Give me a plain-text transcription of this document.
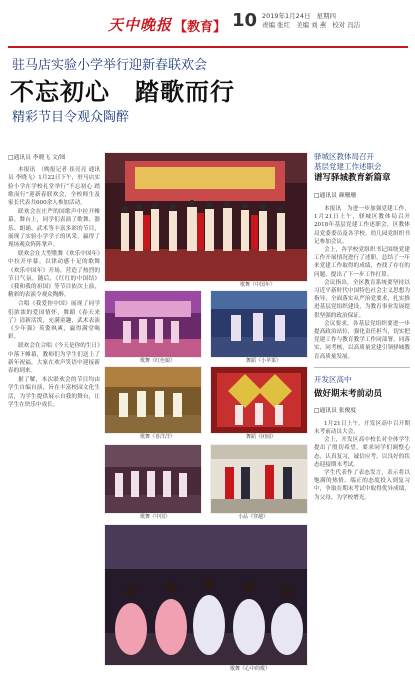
天中晚报 【教育】 10 2019年1月24日 星期四
责编 张红 美编 刘 燕 校对 冯洁
驻马店实验小学举行迎新春联欢会
不忘初心　踏歌而行
精彩节目令观众陶醉
□通讯员 李晓飞 文/图

本报讯　（晚报记者 崔亮亮 通讯员 李晓飞）1月22日下午，驻马店实验小学在学校礼堂举行“不忘初心 踏歌而行”迎新春联欢会，全校师生及家长代表共600余人参加活动。

联欢会在庄严的国歌声中拉开帷幕。舞台上，同学们表演了歌舞、器乐、朗诵、武术等丰富多彩的节目，展现了实验小学学子的风采，赢得了现场观众阵阵掌声。

联欢会在大型歌舞《欢乐中国年》中拉开序幕。以律动感十足的歌舞《欢乐中国年》开场，营造了热烈的节日气氛。随后，《红红的中国结》《我和我的祖国》等节目依次上演，精彩的表演令观众陶醉。

合唱《我爱你中国》展现了同学们浓浓的爱国情怀，舞蹈《春天来了》清新活泼，充满童趣，武术表演《少年强》英姿飒爽，赢得满堂喝彩。

联欢会在合唱《今天是你的生日》中落下帷幕，教师们为学生们送上了新年祝福，大家在欢声笑语中迎接新春的到来。

据了解，本次联欢会的节目均由学生自编自演，旨在丰富校园文化生活，为学生提供展示自我的舞台，让学生在快乐中成长。

歌舞《中国年》
歌舞《红色娘》	舞蹈《小苹果》
歌舞《喜洋洋》	舞蹈《团圆》
歌舞《中国》	小品《穿越》
歌舞《心中的歌》
驿城区教体局召开
基层党建工作述职会
谱写驿城教育新篇章
□通讯员 颜珊珊

本报讯　为进一步加强党建工作，1月21日上午，驿城区教体局召开2018年基层党建工作述职会，区教体局党委委员及各学校、幼儿园党组织书记参加会议。

会上，各学校党组织书记围绕党建工作开展情况进行了述职，总结了一年来党建工作取得的成绩，查找了存在的问题，提出了下一步工作打算。

会议指出，全区教育系统要坚持以习近平新时代中国特色社会主义思想为指导，全面落实从严治党要求，扎实推进基层党组织建设，为教育事业发展提供坚强的政治保证。

会议要求，各基层党组织要进一步提高政治站位，强化责任担当，切实把党建工作与教育教学工作同部署、同落实、同考核，以高质量党建引领驿城教育高质量发展。

开发区高中
做好期末考前动员
□通讯员 张俊度

1月21日上午，开发区高中召开期末考前动员大会。

会上，开发区高中校长对全体学生提出了殷切希望，要求同学们调整心态，认真复习，诚信应考，以良好的状态迎接期末考试。

学生代表作了表态发言，表示将以饱满的热情、端正的态度投入到复习中，争取在期末考试中取得优异成绩，为父母、为学校增光。
